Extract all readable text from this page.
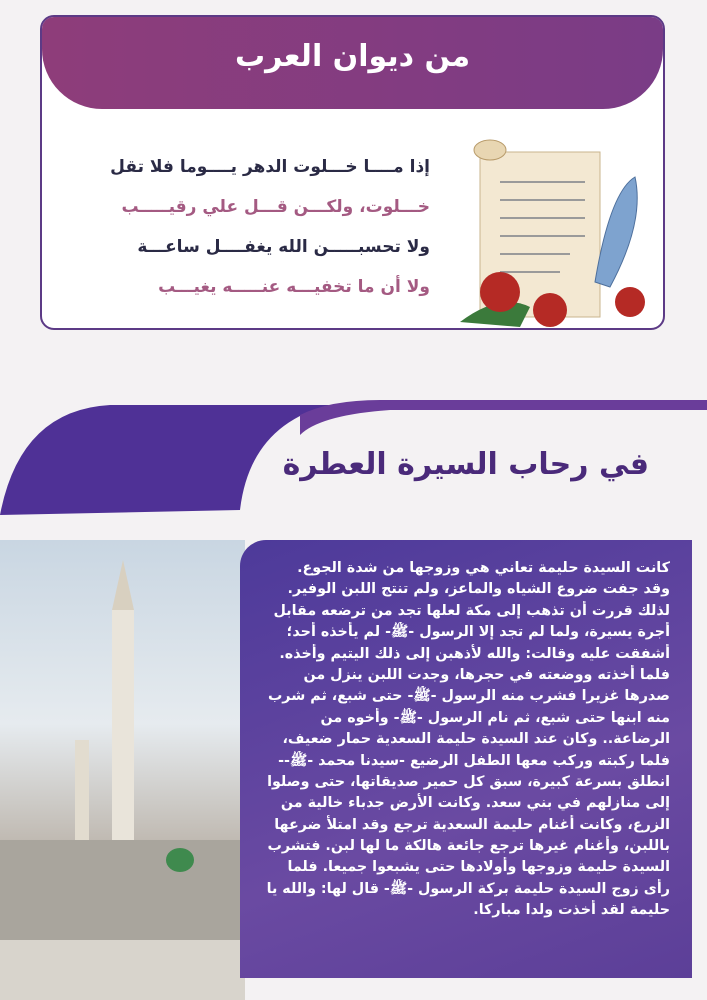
من ديوان العرب
إذا مــــا خـــلوت الدهر يــــوما فلا تقل
خـــلوت، ولكـــن قـــل علي رقيـــــب
ولا تحسبـــــن الله يغفــــل ساعـــة
ولا أن ما تخفيـــه عنـــــه يغيـــب
في رحاب السيرة العطرة
كانت السيدة حليمة تعاني هي وزوجها من شدة الجوع.
وقد جفت ضروع الشياه والماعز، ولم تنتج اللبن الوفير.
لذلك قررت أن تذهب إلى مكة لعلها تجد من ترضعه مقابل
أجرة يسيرة، ولما لم تجد إلا الرسول -ﷺ- لم يأخذه أحد؛
أشفقت عليه وقالت: والله لأذهبن إلى ذلك اليتيم وأخذه.
فلما أخذته ووضعته في حجرها، وجدت اللبن ينزل من
صدرها غزيرا فشرب منه الرسول -ﷺ- حتى شبع، ثم شرب
منه ابنها حتى شبع، ثم نام الرسول -ﷺ- وأخوه من
الرضاعة.. وكان عند السيدة حليمة السعدية حمار ضعيف،
فلما ركبته وركب معها الطفل الرضيع -سيدنا محمد -ﷺ--
انطلق بسرعة كبيرة، سبق كل حمير صديقاتها، حتى وصلوا
إلى منازلهم في بني سعد. وكانت الأرض جدباء خالية من
الزرع، وكانت أغنام حليمة السعدية ترجع وقد امتلأ ضرعها
باللبن، وأغنام غيرها ترجع جائعة هالكة ما لها لبن. فتشرب
السيدة حليمة وزوجها وأولادها حتى يشبعوا جميعا. فلما
رأى زوج السيدة حليمة بركة الرسول -ﷺ- قال لها: والله يا
حليمة لقد أخذت ولدا مباركا.
